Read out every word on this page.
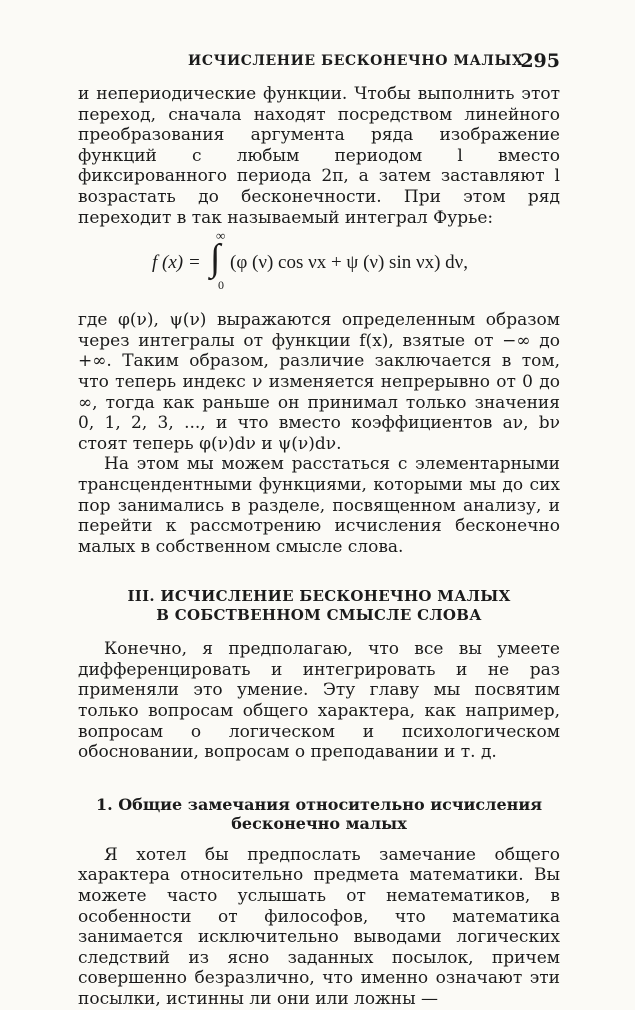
ИСЧИСЛЕНИЕ БЕСКОНЕЧНО МАЛЫХ
295

и непериодические функции. Чтобы выполнить этот переход, сначала находят посредством линейного преобразования аргумента ряда изображение функций с любым периодом l вместо фиксированного периода 2π, а затем заставляют l возрастать до бесконечности. При этом ряд переходит в так называемый интеграл Фурье:

f (x) =
∞
∫
0
(φ (ν) cos νx + ψ (ν) sin νx) dν,

где φ(ν), ψ(ν) выражаются определенным образом через интегралы от функции f(x), взятые от −∞ до +∞. Таким образом, различие заключается в том, что теперь индекс ν изменяется непрерывно от 0 до ∞, тогда как раньше он принимал только значения 0, 1, 2, 3, ..., и что вместо коэффициентов aν, bν стоят теперь φ(ν)dν и ψ(ν)dν.

На этом мы можем расстаться с элементарными трансцендентными функциями, которыми мы до сих пор занимались в разделе, посвященном анализу, и перейти к рассмотрению исчисления бесконечно малых в собственном смысле слова.

III. ИСЧИСЛЕНИЕ БЕСКОНЕЧНО МАЛЫХ
В СОБСТВЕННОМ СМЫСЛЕ СЛОВА

Конечно, я предполагаю, что все вы умеете дифференцировать и интегрировать и не раз применяли это умение. Эту главу мы посвятим только вопросам общего характера, как например, вопросам о логическом и психологическом обосновании, вопросам о преподавании и т. д.

1. Общие замечания относительно исчисления
бесконечно малых

Я хотел бы предпослать замечание общего характера относительно предмета математики. Вы можете часто услышать от нематематиков, в особенности от философов, что математика занимается исключительно выводами логических следствий из ясно заданных посылок, причем совершенно безразлично, что именно означают эти посылки, истинны ли они или ложны —
